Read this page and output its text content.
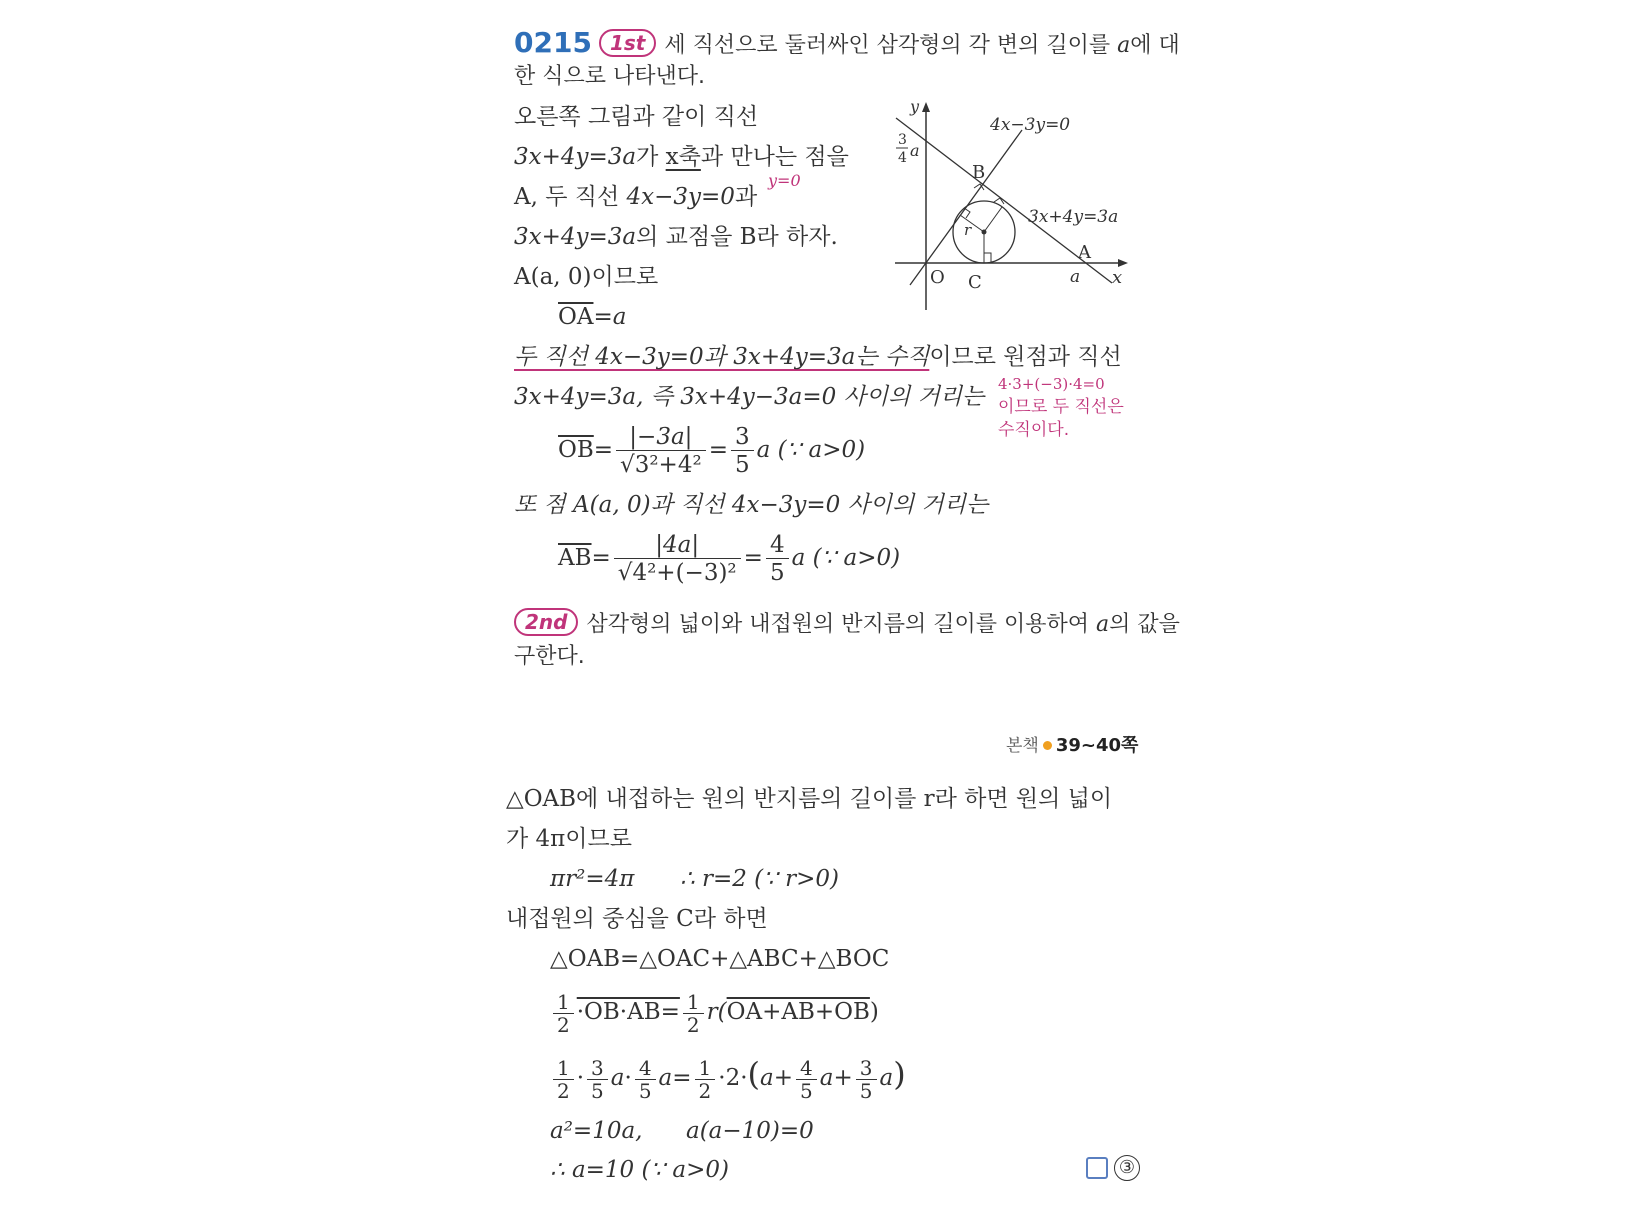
0215 1st 세 직선으로 둘러싸인 삼각형의 각 변의 길이를 a에 대
한 식으로 나타낸다.
오른쪽 그림과 같이 직선
3x+4y=3a가 x축과 만나는 점을
y=0
A, 두 직선 4x−3y=0과
3x+4y=3a의 교점을 B라 하자.
A(a, 0)이므로
$\overline{OA}=a$
y
x
O
B
A
C
r
a
3
4 a
4x−3y=0
3x+4y=3a
두 직선 4x−3y=0과 3x+4y=3a는 수직이므로 원점과 직선
3x+4y=3a, 즉 3x+4y−3a=0 사이의 거리는 4·3+(−3)·4=0
이므로 두 직선은
수직이다.
$\overline{OB}= \frac{|-3a|}{\text{√3²+4²}} = \frac{3}{5}$ a (∵ a>0)
또 점 A(a, 0)과 직선 4x−3y=0 사이의 거리는
$\overline{AB}= \frac{|4a|}{\text{√4²+(−3)²}} = \frac{4}{5}$ a (∵ a>0)
2nd 삼각형의 넓이와 내접원의 반지름의 길이를 이용하여 a의 값을
구한다.
본책 39~40쪽
△OAB에 내접하는 원의 반지름의 길이를 r라 하면 원의 넓이
가 4π이므로
πr²=4π ∴ r=2 (∵ r>0)
내접원의 중심을 C라 하면
△OAB=△OAC+△ABC+△BOC
$\frac{1}{2} \cdot OB\cdot AB= \frac{1}{2} r(OA+AB+OB)$
$\frac{1}{2} \cdot \frac{3}{5} a\cdot \frac{4}{5} a= \frac{1}{2} \cdot 2\cdot(a+ \frac{4}{5} a+ \frac{3}{5} a)$
a²=10a, a(a−10)=0
∴ a=10 (∵ a>0)	③
